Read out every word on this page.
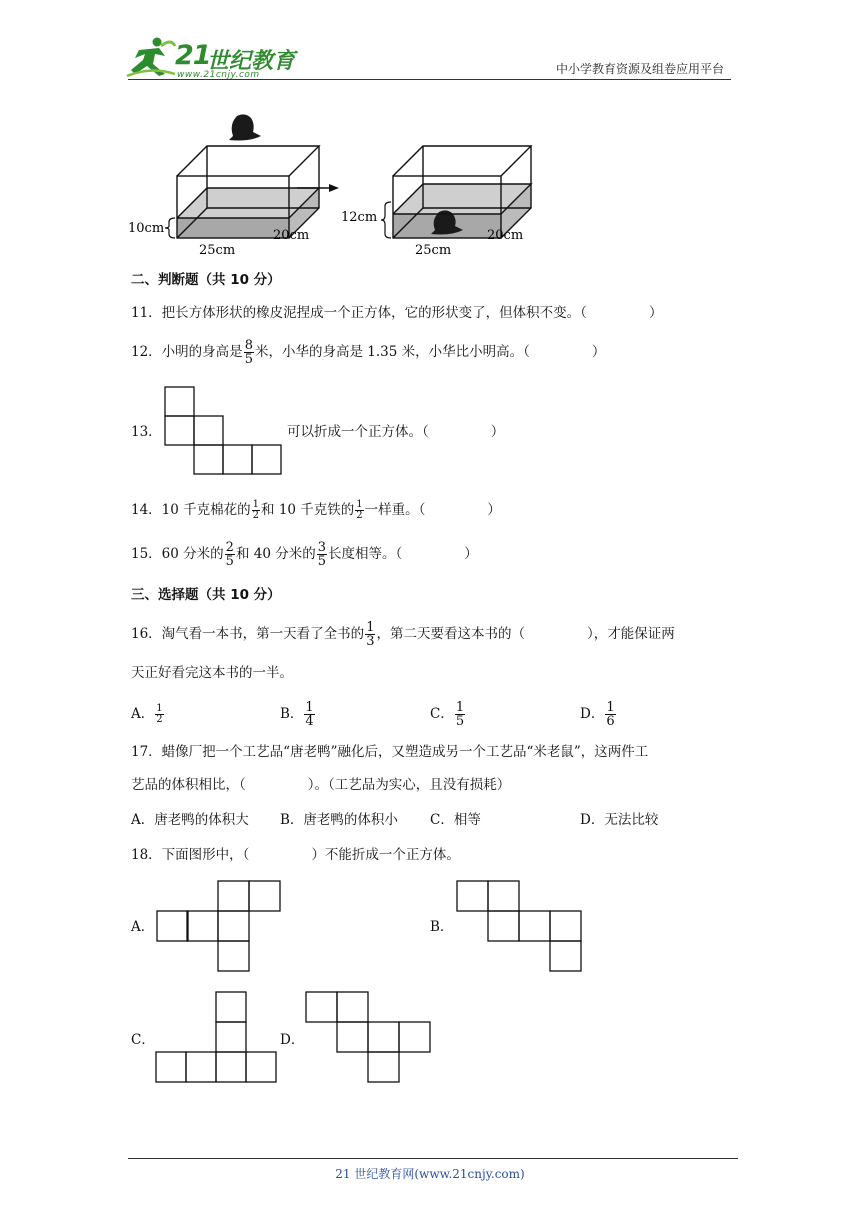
21
世纪教育
www.21cnjy.com	中小学教育资源及组卷应用平台
10cm
25cm
20cm
12cm
25cm
20cm
二、判断题（共 10 分）
11．把长方体形状的橡皮泥捏成一个正方体，它的形状变了，但体积不变。（	）
12．小明的身高是 $\frac{8}{5}$ 米，小华的身高是 1.35 米，小华比小明高。（	）
13．	可以折成一个正方体。（	）
14．10 千克棉花的 $\frac{1}{2}$ 和 10 千克铁的 $\frac{1}{2}$ 一样重。（	）
15．60 分米的 $\frac{2}{5}$ 和 40 分米的 $\frac{3}{5}$ 长度相等。（	）
三、选择题（共 10 分）
16．淘气看一本书，第一天看了全书的 $\frac{1}{3}$ ，第二天要看这本书的（	），才能保证两
天正好看完这本书的一半。
A． $\frac{1}{2}$	B． $\frac{1}{4}$	C． $\frac{1}{5}$	D． $\frac{1}{6}$
17．蜡像厂把一个工艺品“唐老鸭”融化后，又塑造成另一个工艺品“米老鼠”，这两件工
艺品的体积相比，（	）。（工艺品为实心，且没有损耗）
A．唐老鸭的体积大 B．唐老鸭的体积小 C．相等	D．无法比较
18．下面图形中，（	）不能折成一个正方体。
A．	B．
C．	D．
21 世纪教育网(www.21cnjy.com)
